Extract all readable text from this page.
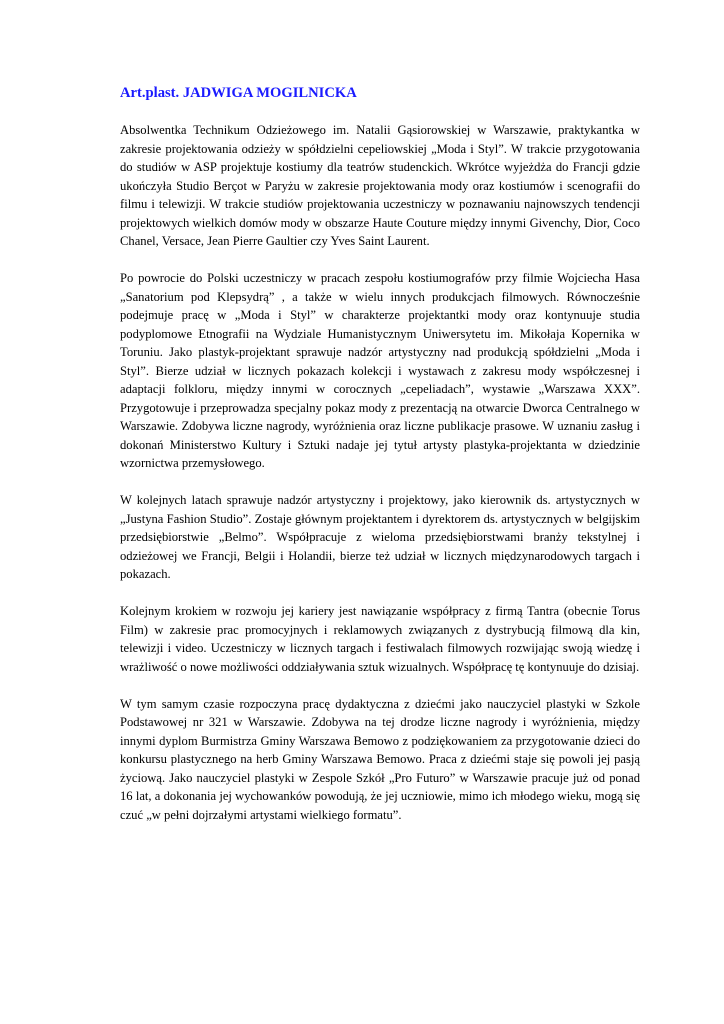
Art.plast. JADWIGA MOGILNICKA

Absolwentka Technikum Odzieżowego im. Natalii Gąsiorowskiej w Warszawie, praktykantka w zakresie projektowania odzieży w spółdzielni cepeliowskiej „Moda i Styl”. W trakcie przygotowania do studiów w ASP projektuje kostiumy dla teatrów studenckich. Wkrótce wyjeżdża do Francji gdzie ukończyła Studio Berçot w Paryżu w zakresie projektowania mody oraz kostiumów i scenografii do filmu i telewizji. W trakcie studiów projektowania uczestniczy w poznawaniu najnowszych tendencji projektowych wielkich domów mody w obszarze Haute Couture między innymi Givenchy, Dior, Coco Chanel, Versace, Jean Pierre Gaultier czy Yves Saint Laurent.

Po powrocie do Polski uczestniczy w pracach zespołu kostiumografów przy filmie Wojciecha Hasa „Sanatorium pod Klepsydrą” , a także w wielu innych produkcjach filmowych. Równocześnie podejmuje pracę w „Moda i Styl” w charakterze projektantki mody oraz kontynuuje studia podyplomowe Etnografii na Wydziale Humanistycznym Uniwersytetu im. Mikołaja Kopernika w Toruniu. Jako plastyk-projektant sprawuje nadzór artystyczny nad produkcją spółdzielni „Moda i Styl”. Bierze udział w licznych pokazach kolekcji i wystawach z zakresu mody współczesnej i adaptacji folkloru, między innymi w corocznych „cepeliadach”, wystawie „Warszawa XXX”. Przygotowuje i przeprowadza specjalny pokaz mody z prezentacją na otwarcie Dworca Centralnego w Warszawie. Zdobywa liczne nagrody, wyróżnienia oraz liczne publikacje prasowe. W uznaniu zasług i dokonań Ministerstwo Kultury i Sztuki nadaje jej tytuł artysty plastyka-projektanta w dziedzinie wzornictwa przemysłowego.

W kolejnych latach sprawuje nadzór artystyczny i projektowy, jako kierownik ds. artystycznych w „Justyna Fashion Studio”. Zostaje głównym projektantem i dyrektorem ds. artystycznych w belgijskim przedsiębiorstwie „Belmo”. Współpracuje z wieloma przedsiębiorstwami branży tekstylnej i odzieżowej we Francji, Belgii i Holandii, bierze też udział w licznych międzynarodowych targach i pokazach.

Kolejnym krokiem w rozwoju jej kariery jest nawiązanie współpracy z firmą Tantra (obecnie Torus Film) w zakresie prac promocyjnych i reklamowych związanych z dystrybucją filmową dla kin, telewizji i video. Uczestniczy w licznych targach i festiwalach filmowych rozwijając swoją wiedzę i wrażliwość o nowe możliwości oddziaływania sztuk wizualnych. Współpracę tę kontynuuje do dzisiaj.

W tym samym czasie rozpoczyna pracę dydaktyczna z dziećmi jako nauczyciel plastyki w Szkole Podstawowej nr 321 w Warszawie. Zdobywa na tej drodze liczne nagrody i wyróżnienia, między innymi dyplom Burmistrza Gminy Warszawa Bemowo z podziękowaniem za przygotowanie dzieci do konkursu plastycznego na herb Gminy Warszawa Bemowo. Praca z dziećmi staje się powoli jej pasją życiową. Jako nauczyciel plastyki w Zespole Szkół „Pro Futuro” w Warszawie pracuje już od ponad 16 lat, a dokonania jej wychowanków powodują, że jej uczniowie, mimo ich młodego wieku, mogą się czuć „w pełni dojrzałymi artystami wielkiego formatu”.
